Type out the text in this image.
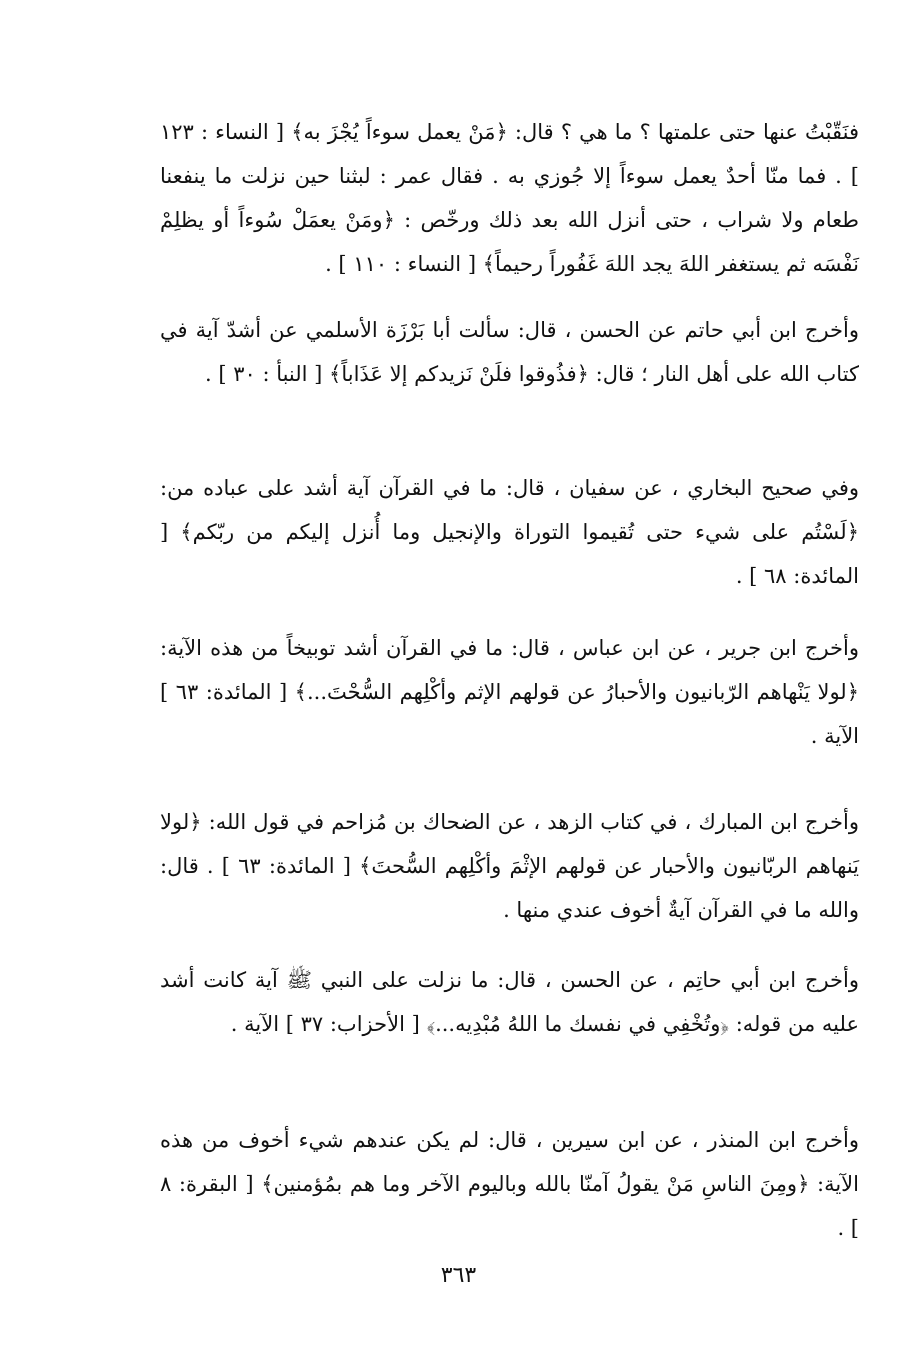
فنَقّبْتُ عنها حتى علمتها ؟ ما هي ؟ قال: ﴿مَنْ يعمل سوءاً يُجْزَ به﴾ [ النساء : ١٢٣ ] . فما منّا أحدٌ يعمل سوءاً إلا جُوزي به . فقال عمر : لبثنا حين نزلت ما ينفعنا طعام ولا شراب ، حتى أنزل الله بعد ذلك ورخّص : ﴿ومَنْ يعمَلْ سُوءاً أو يظلِمْ نَفْسَه ثم يستغفر اللهَ يجد اللهَ غَفُوراً رحيماً﴾ [ النساء : ١١٠ ] .

وأخرج ابن أبي حاتم عن الحسن ، قال: سألت أبا بَرْزَة الأسلمي عن أشدّ آية في كتاب الله على أهل النار ؛ قال: ﴿فذُوقوا فلَنْ نَزيدكم إلا عَذَاباً﴾ [ النبأ : ٣٠ ] .

وفي صحيح البخاري ، عن سفيان ، قال: ما في القرآن آية أشد على عباده من: ﴿لَسْتُم على شيء حتى تُقيموا التوراة والإنجيل وما أُنزل إليكم من ربّكم﴾ [ المائدة: ٦٨ ] .

وأخرج ابن جرير ، عن ابن عباس ، قال: ما في القرآن أشد توبيخاً من هذه الآية: ﴿لولا يَنْهاهم الرّبانيون والأحبارُ عن قولهم الإثم وأكْلِهم السُّحْتَ...﴾ [ المائدة: ٦٣ ] الآية .

وأخرج ابن المبارك ، في كتاب الزهد ، عن الضحاك بن مُزاحم في قول الله: ﴿لولا يَنهاهم الربّانيون والأحبار عن قولهم الإثْمَ وأكْلِهم السُّحتَ﴾ [ المائدة: ٦٣ ] . قال: والله ما في القرآن آيةٌ أخوف عندي منها .

وأخرج ابن أبي حاتِم ، عن الحسن ، قال: ما نزلت على النبي ﷺ آية كانت أشد عليه من قوله: ﴿وتُخْفِي في نفسك ما اللهُ مُبْدِيه...﴾ [ الأحزاب: ٣٧ ] الآية .

وأخرج ابن المنذر ، عن ابن سيرين ، قال: لم يكن عندهم شيء أخوف من هذه الآية: ﴿ومِنَ الناسِ مَنْ يقولُ آمنّا بالله وباليوم الآخر وما هم بمُؤمنين﴾ [ البقرة: ٨ ] .

٣٦٣
